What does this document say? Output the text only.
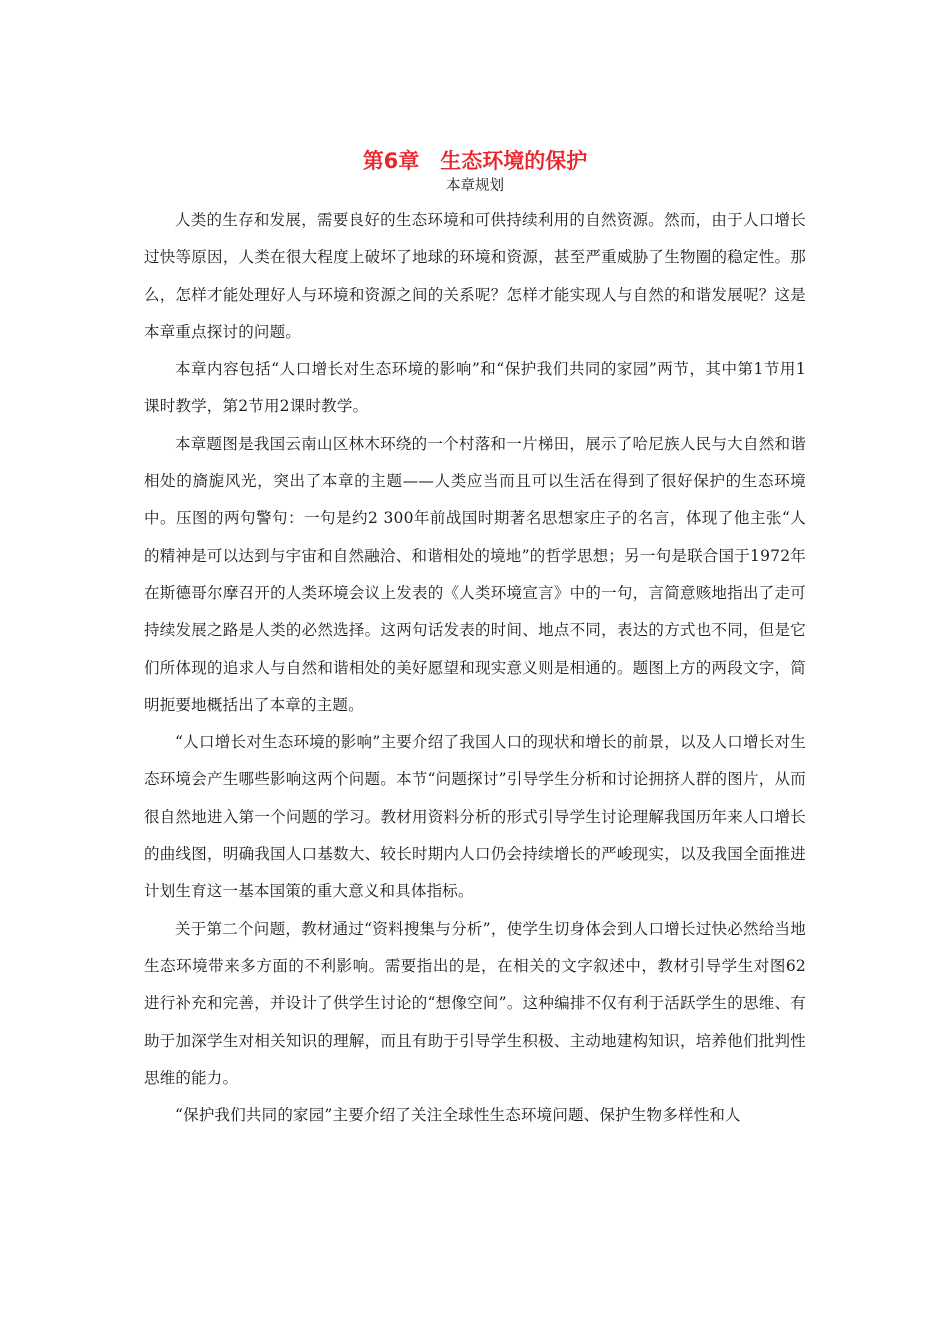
第6章　生态环境的保护
本章规划

人类的生存和发展，需要良好的生态环境和可供持续利用的自然资源。然而，由于人口增长过快等原因，人类在很大程度上破坏了地球的环境和资源，甚至严重威胁了生物圈的稳定性。那么，怎样才能处理好人与环境和资源之间的关系呢？怎样才能实现人与自然的和谐发展呢？这是本章重点探讨的问题。

本章内容包括“人口增长对生态环境的影响”和“保护我们共同的家园”两节，其中第1节用1课时教学，第2节用2课时教学。

本章题图是我国云南山区林木环绕的一个村落和一片梯田，展示了哈尼族人民与大自然和谐相处的旖旎风光，突出了本章的主题——人类应当而且可以生活在得到了很好保护的生态环境中。压图的两句警句：一句是约2 300年前战国时期著名思想家庄子的名言，体现了他主张“人的精神是可以达到与宇宙和自然融洽、和谐相处的境地”的哲学思想；另一句是联合国于1972年在斯德哥尔摩召开的人类环境会议上发表的《人类环境宣言》中的一句，言简意赅地指出了走可持续发展之路是人类的必然选择。这两句话发表的时间、地点不同，表达的方式也不同，但是它们所体现的追求人与自然和谐相处的美好愿望和现实意义则是相通的。题图上方的两段文字，简明扼要地概括出了本章的主题。

“人口增长对生态环境的影响”主要介绍了我国人口的现状和增长的前景，以及人口增长对生态环境会产生哪些影响这两个问题。本节“问题探讨”引导学生分析和讨论拥挤人群的图片，从而很自然地进入第一个问题的学习。教材用资料分析的形式引导学生讨论理解我国历年来人口增长的曲线图，明确我国人口基数大、较长时期内人口仍会持续增长的严峻现实，以及我国全面推进计划生育这一基本国策的重大意义和具体指标。

关于第二个问题，教材通过“资料搜集与分析”，使学生切身体会到人口增长过快必然给当地生态环境带来多方面的不利影响。需要指出的是，在相关的文字叙述中，教材引导学生对图62进行补充和完善，并设计了供学生讨论的“想像空间”。这种编排不仅有利于活跃学生的思维、有助于加深学生对相关知识的理解，而且有助于引导学生积极、主动地建构知识，培养他们批判性思维的能力。

“保护我们共同的家园”主要介绍了关注全球性生态环境问题、保护生物多样性和人
